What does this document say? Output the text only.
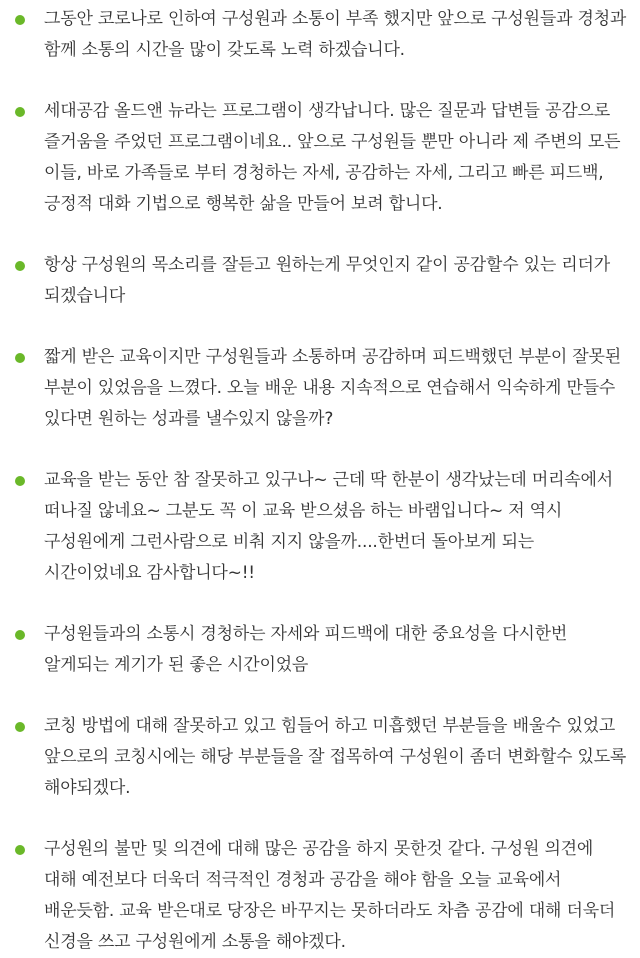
그동안 코로나로 인하여 구성원과 소통이 부족 했지만 앞으로 구성원들과 경청과 함께 소통의 시간을 많이 갖도록 노력 하겠습니다.
세대공감 올드앤 뉴라는 프로그램이 생각납니다. 많은 질문과 답변들 공감으로 즐거움을 주었던 프로그램이네요.. 앞으로 구성원들 뿐만 아니라 제 주변의 모든 이들, 바로 가족들로 부터 경청하는 자세, 공감하는 자세, 그리고 빠른 피드백, 긍정적 대화 기법으로 행복한 삶을 만들어 보려 합니다.
항상 구성원의 목소리를 잘듣고 원하는게 무엇인지 같이 공감할수 있는 리더가 되겠습니다
짧게 받은 교육이지만 구성원들과 소통하며 공감하며 피드백했던 부분이 잘못된 부분이 있었음을 느꼈다. 오늘 배운 내용 지속적으로 연습해서 익숙하게 만들수 있다면 원하는 성과를 낼수있지 않을까?
교육을 받는 동안 참 잘못하고 있구나~ 근데 딱 한분이 생각났는데 머리속에서 떠나질 않네요~ 그분도 꼭 이 교육 받으셨음 하는 바램입니다~ 저 역시 구성원에게 그런사람으로 비춰 지지 않을까....한번더 돌아보게 되는 시간이었네요 감사합니다~!!
구성원들과의 소통시 경청하는 자세와 피드백에 대한 중요성을 다시한번 알게되는 계기가 된 좋은 시간이었음
코칭 방법에 대해 잘못하고 있고 힘들어 하고 미흡했던 부분들을 배울수 있었고 앞으로의 코칭시에는 해당 부분들을 잘 접목하여 구성원이 좀더 변화할수 있도록 해야되겠다.
구성원의 불만 및 의견에 대해 많은 공감을 하지 못한것 같다. 구성원 의견에 대해 예전보다 더욱더 적극적인 경청과 공감을 해야 함을 오늘 교육에서 배운듯함. 교육 받은대로 당장은 바꾸지는 못하더라도 차츰 공감에 대해 더욱더 신경을 쓰고 구성원에게 소통을 해야겠다.
